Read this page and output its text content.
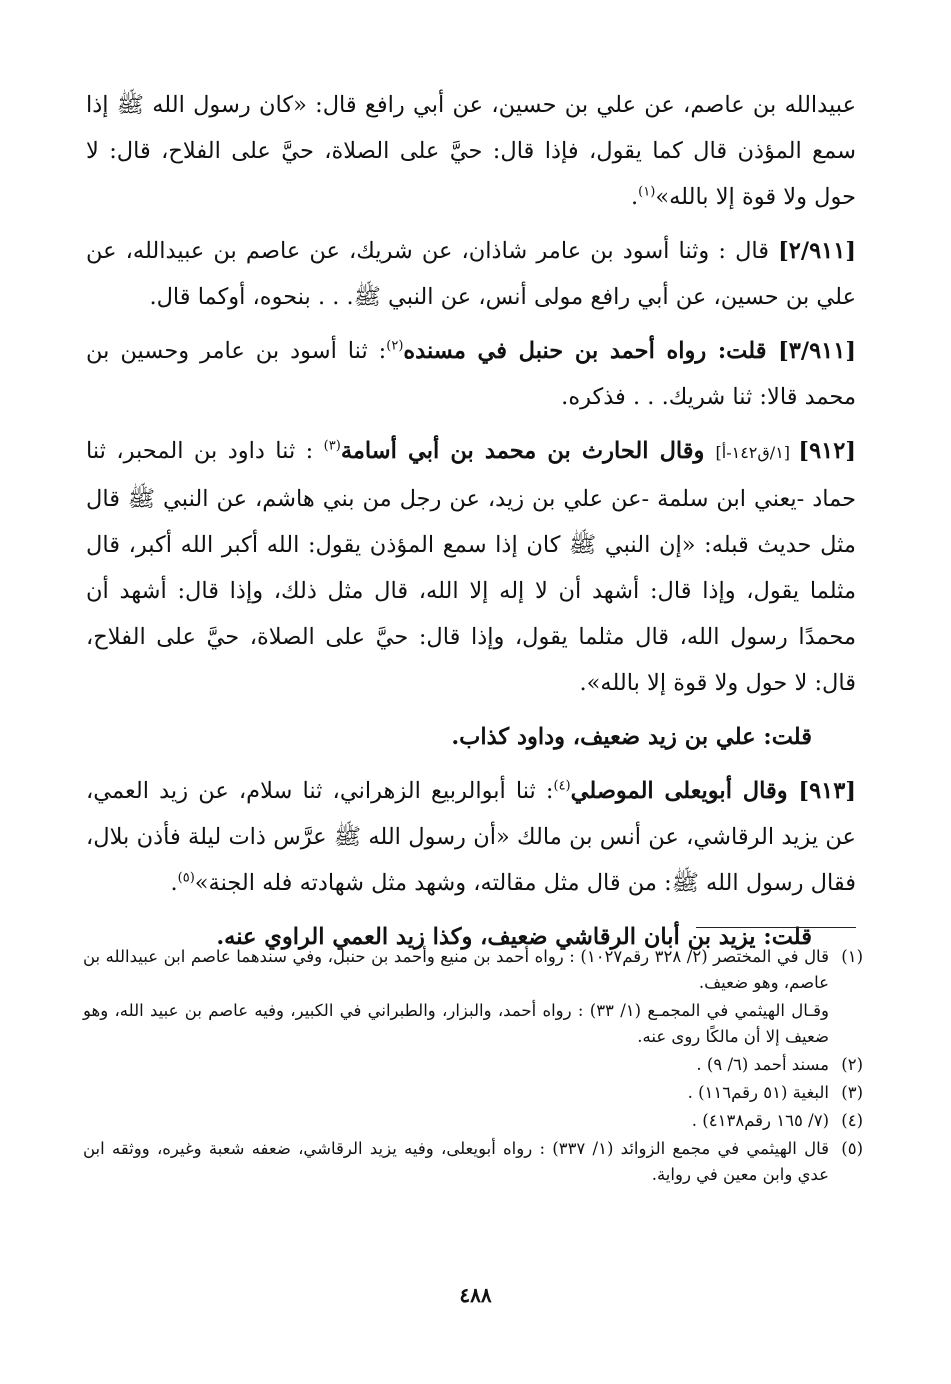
عبيدالله بن عاصم، عن علي بن حسين، عن أبي رافع قال: «كان رسول الله ﷺ إذا سمع المؤذن قال كما يقول، فإذا قال: حيَّ على الصلاة، حيَّ على الفلاح، قال: لا حول ولا قوة إلا بالله»$^{(١)}$.

[٢/٩١١] قال : وثنا أسود بن عامر شاذان، عن شريك، عن عاصم بن عبيدالله، عن علي بن حسين، عن أبي رافع مولى أنس، عن النبي ﷺ. . . بنحوه، أوكما قال.

[٣/٩١١] قلت: رواه أحمد بن حنبل في مسنده$^{(٢)}$: ثنا أسود بن عامر وحسين بن محمد قالا: ثنا شريك. . . فذكره.

[٩١٢] [١/ق١٤٢-أ] وقال الحارث بن محمد بن أبي أسامة$^{(٣)}$ : ثنا داود بن المحبر، ثنا حماد -يعني ابن سلمة -عن علي بن زيد، عن رجل من بني هاشم، عن النبي ﷺ قال مثل حديث قبله: «إن النبي ﷺ كان إذا سمع المؤذن يقول: الله أكبر الله أكبر، قال مثلما يقول، وإذا قال: أشهد أن لا إله إلا الله، قال مثل ذلك، وإذا قال: أشهد أن محمدًا رسول الله، قال مثلما يقول، وإذا قال: حيَّ على الصلاة، حيَّ على الفلاح، قال: لا حول ولا قوة إلا بالله».

قلت: علي بن زيد ضعيف، وداود كذاب.

[٩١٣] وقال أبويعلى الموصلي$^{(٤)}$: ثنا أبوالربيع الزهراني، ثنا سلام، عن زيد العمي، عن يزيد الرقاشي، عن أنس بن مالك «أن رسول الله ﷺ عرَّس ذات ليلة فأذن بلال، فقال رسول الله ﷺ: من قال مثل مقالته، وشهد مثل شهادته فله الجنة»$^{(٥)}$.

قلت: يزيد بن أبان الرقاشي ضعيف، وكذا زيد العمي الراوي عنه.

(١)
قال في المختصر (٢/ ٣٢٨ رقم١٠٢٧) : رواه أحمد بن منيع وأحمد بن حنبل، وفي سندهما عاصم ابن عبيدالله بن عاصم، وهو ضعيف.
وقـال الهيثمي في المجمـع (١/ ٣٣) : رواه أحمد، والبزار، والطبراني في الكبير، وفيه عاصم بن عبيد الله، وهو ضعيف إلا أن مالكًا روى عنه.
(٢)
مسند أحمد (٦/ ٩) .
(٣)
البغية (٥١ رقم١١٦) .
(٤)
(٧/ ١٦٥ رقم٤١٣٨) .
(٥)
قال الهيثمي في مجمع الزوائد (١/ ٣٣٧) : رواه أبويعلى، وفيه يزيد الرقاشي، ضعفه شعبة وغيره، ووثقه ابن عدي وابن معين في رواية.
٤٨٨
